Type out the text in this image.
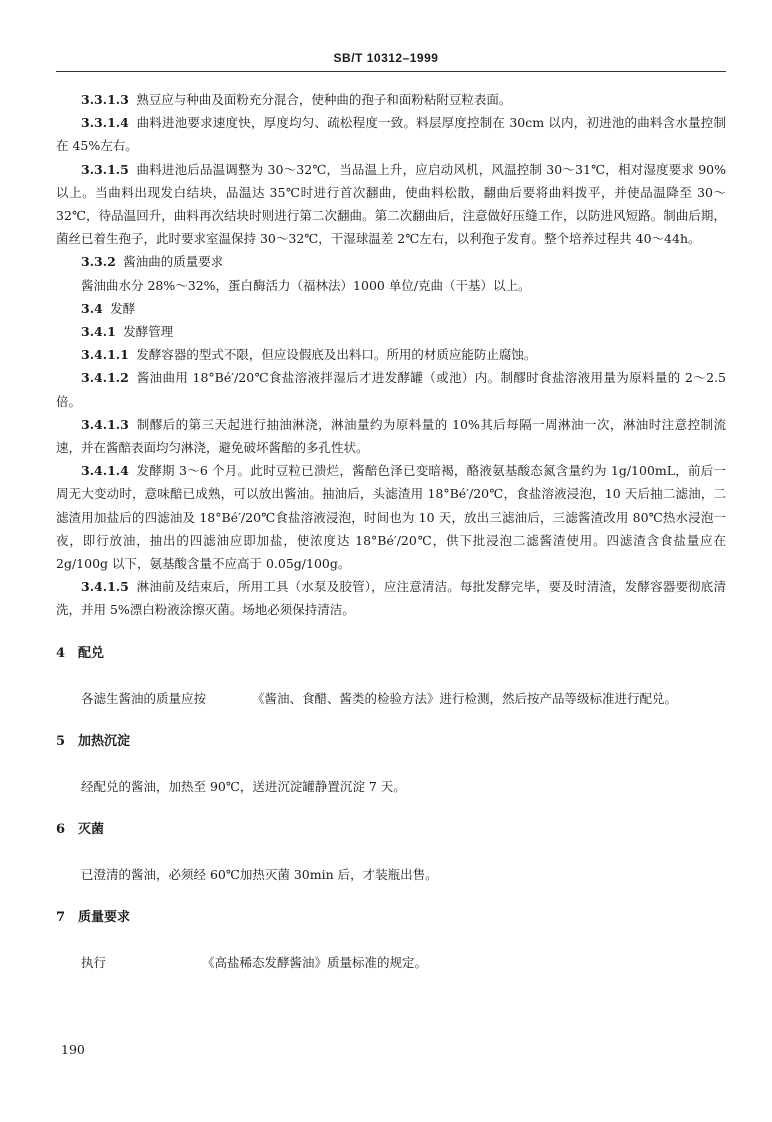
SB/T 10312–1999

3.3.1.3 熟豆应与种曲及面粉充分混合，使种曲的孢子和面粉粘附豆粒表面。

3.3.1.4 曲料进池要求速度快，厚度均匀、疏松程度一致。料层厚度控制在 30cm 以内，初进池的曲料含水量控制在 45%左右。

3.3.1.5 曲料进池后品温调整为 30～32℃，当品温上升，应启动风机，风温控制 30～31℃，相对湿度要求 90%以上。当曲料出现发白结块，品温达 35℃时进行首次翻曲，使曲料松散，翻曲后要将曲料拨平，并使品温降至 30～32℃，待品温回升，曲料再次结块时则进行第二次翻曲。第二次翻曲后，注意做好压缝工作，以防进风短路。制曲后期，菌丝已着生孢子，此时要求室温保持 30～32℃，干湿球温差 2℃左右，以利孢子发育。整个培养过程共 40～44h。

3.3.2 酱油曲的质量要求

酱油曲水分 28%～32%，蛋白酶活力（福林法）1000 单位/克曲（干基）以上。

3.4 发酵

3.4.1 发酵管理

3.4.1.1 发酵容器的型式不限，但应设假底及出料口。所用的材质应能防止腐蚀。

3.4.1.2 酱油曲用 18°Bé′/20℃食盐溶液拌湿后才进发酵罐（或池）内。制醪时食盐溶液用量为原料量的 2～2.5 倍。

3.4.1.3 制醪后的第三天起进行抽油淋浇，淋油量约为原料量的 10%其后每隔一周淋油一次，淋油时注意控制流速，并在酱醅表面均匀淋浇，避免破坏酱醅的多孔性状。

3.4.1.4 发酵期 3～6 个月。此时豆粒已溃烂，酱醅色泽已变暗褐，酪液氨基酸态氮含量约为 1g/100mL，前后一周无大变动时，意味醅已成熟，可以放出酱油。抽油后，头滤渣用 18°Bé′/20℃，食盐溶液浸泡，10 天后抽二滤油，二滤渣用加盐后的四滤油及 18°Bé′/20℃食盐溶液浸泡，时间也为 10 天，放出三滤油后，三滤酱渣改用 80℃热水浸泡一夜，即行放油，抽出的四滤油应即加盐，使浓度达 18°Bé′/20℃，供下批浸泡二滤酱渣使用。四滤渣含食盐量应在 2g/100g 以下，氨基酸含量不应高于 0.05g/100g。

3.4.1.5 淋油前及结束后，所用工具（水泵及胶管），应注意清洁。每批发酵完毕，要及时清渣，发酵容器要彻底清洗，并用 5%漂白粉液涂擦灭菌。场地必须保持清洁。

4 配兑

各滤生酱油的质量应按	《酱油、食醋、酱类的检验方法》进行检测，然后按产品等级标准进行配兑。

5 加热沉淀

经配兑的酱油，加热至 90℃，送进沉淀罐静置沉淀 7 天。

6 灭菌

已澄清的酱油，必须经 60℃加热灭菌 30min 后，才装瓶出售。

7 质量要求

执行	《高盐稀态发酵酱油》质量标准的规定。

190
